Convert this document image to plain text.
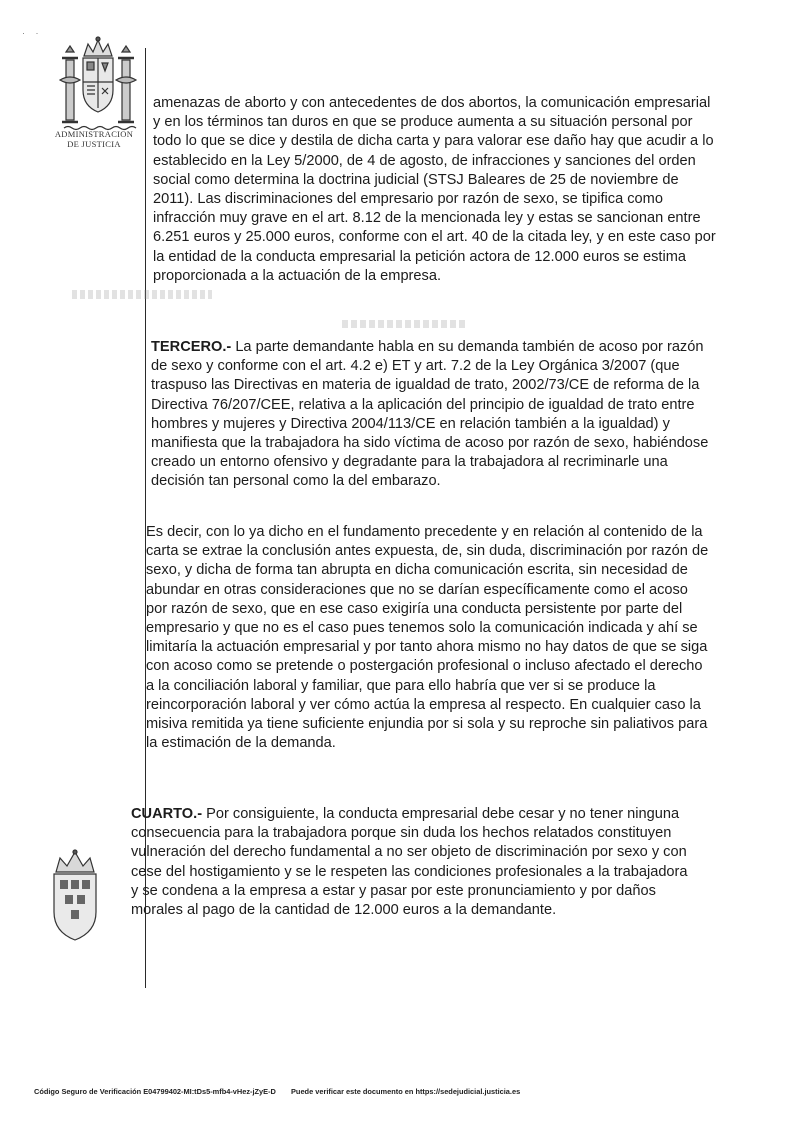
· ·
ADMINISTRACION
DE JUSTICIA
amenazas de aborto y con antecedentes de dos abortos, la comunicación empresarial
y en los términos tan duros en que se produce aumenta a su situación personal por
todo lo que se dice y destila de dicha carta y para valorar ese daño hay que acudir a lo
establecido en la Ley 5/2000, de 4 de agosto, de infracciones y sanciones del orden
social como determina la doctrina judicial (STSJ Baleares de 25 de noviembre de
2011). Las discriminaciones del empresario por razón de sexo, se tipifica como
infracción muy grave en el art. 8.12 de la mencionada ley y estas se sancionan entre
6.251 euros y 25.000 euros, conforme con el art. 40 de la citada ley, y en este caso por
la entidad de la conducta empresarial la petición actora de 12.000 euros se estima
proporcionada a la actuación de la empresa.
TERCERO.- La parte demandante habla en su demanda también de acoso por razón
de sexo y conforme con el art. 4.2 e) ET y art. 7.2 de la Ley Orgánica 3/2007 (que
traspuso las Directivas en materia de igualdad de trato, 2002/73/CE de reforma de la
Directiva 76/207/CEE, relativa a la aplicación del principio de igualdad de trato entre
hombres y mujeres y Directiva 2004/113/CE en relación también a la igualdad) y
manifiesta que la trabajadora ha sido víctima de acoso por razón de sexo, habiéndose
creado un entorno ofensivo y degradante para la trabajadora al recriminarle una
decisión tan personal como la del embarazo.
Es decir, con lo ya dicho en el fundamento precedente y en relación al contenido de la
carta se extrae la conclusión antes expuesta, de, sin duda, discriminación por razón de
sexo, y dicha de forma tan abrupta en dicha comunicación escrita, sin necesidad de
abundar en otras consideraciones que no se darían específicamente como el acoso
por razón de sexo, que en ese caso exigiría una conducta persistente por parte del
empresario y que no es el caso pues tenemos solo la comunicación indicada y ahí se
limitaría la actuación empresarial y por tanto ahora mismo no hay datos de que se siga
con acoso como se pretende o postergación profesional o incluso afectado el derecho
a la conciliación laboral y familiar, que para ello habría que ver si se produce la
reincorporación laboral y ver cómo actúa la empresa al respecto. En cualquier caso la
misiva remitida ya tiene suficiente enjundia por si sola y su reproche sin paliativos para
la estimación de la demanda.
CUARTO.- Por consiguiente, la conducta empresarial debe cesar y no tener ninguna
consecuencia para la trabajadora porque sin duda los hechos relatados constituyen
vulneración del derecho fundamental a no ser objeto de discriminación por sexo y con
cese del hostigamiento y se le respeten las condiciones profesionales a la trabajadora
y se condena a la empresa a estar y pasar por este pronunciamiento y por daños
morales al pago de la cantidad de 12.000 euros a la demandante.
Código Seguro de Verificación E04799402-MI:tDs5-mfb4-vHez-jZyE-D Puede verificar este documento en https://sedejudicial.justicia.es
